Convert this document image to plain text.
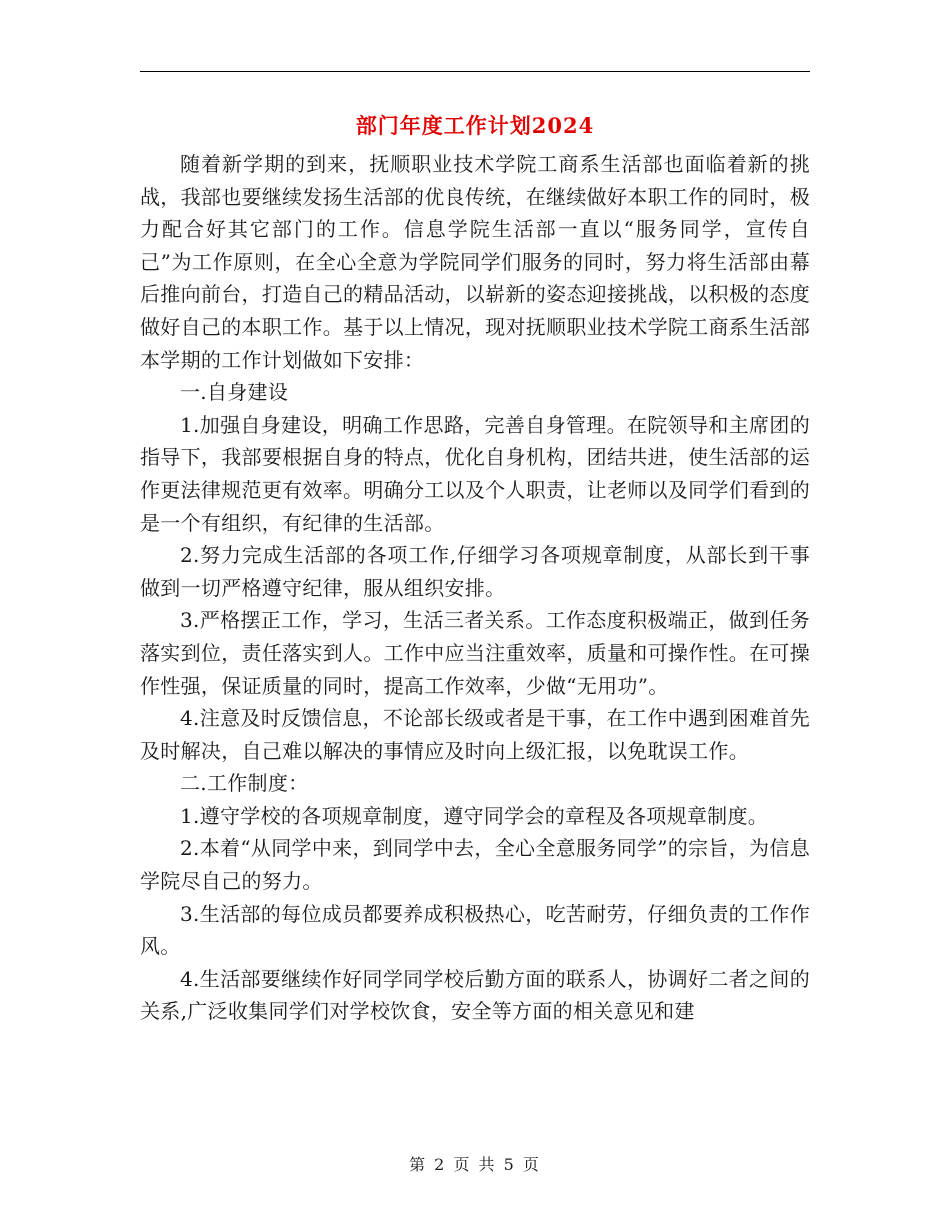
部门年度工作计划2024

随着新学期的到来，抚顺职业技术学院工商系生活部也面临着新的挑战，我部也要继续发扬生活部的优良传统，在继续做好本职工作的同时，极力配合好其它部门的工作。信息学院生活部一直以“服务同学，宣传自己”为工作原则，在全心全意为学院同学们服务的同时，努力将生活部由幕后推向前台，打造自己的精品活动，以崭新的姿态迎接挑战，以积极的态度做好自己的本职工作。基于以上情况，现对抚顺职业技术学院工商系生活部本学期的工作计划做如下安排：

一.自身建设

1.加强自身建设，明确工作思路，完善自身管理。在院领导和主席团的指导下，我部要根据自身的特点，优化自身机构，团结共进，使生活部的运作更法律规范更有效率。明确分工以及个人职责，让老师以及同学们看到的是一个有组织，有纪律的生活部。

2.努力完成生活部的各项工作,仔细学习各项规章制度，从部长到干事做到一切严格遵守纪律，服从组织安排。

3.严格摆正工作，学习，生活三者关系。工作态度积极端正，做到任务落实到位，责任落实到人。工作中应当注重效率，质量和可操作性。在可操作性强，保证质量的同时，提高工作效率，少做“无用功”。

4.注意及时反馈信息，不论部长级或者是干事，在工作中遇到困难首先及时解决，自己难以解决的事情应及时向上级汇报，以免耽误工作。

二.工作制度：

1.遵守学校的各项规章制度，遵守同学会的章程及各项规章制度。

2.本着“从同学中来，到同学中去，全心全意服务同学”的宗旨，为信息学院尽自己的努力。

3.生活部的每位成员都要养成积极热心，吃苦耐劳，仔细负责的工作作风。

4.生活部要继续作好同学同学校后勤方面的联系人，协调好二者之间的关系,广泛收集同学们对学校饮食，安全等方面的相关意见和建

第 2 页 共 5 页
